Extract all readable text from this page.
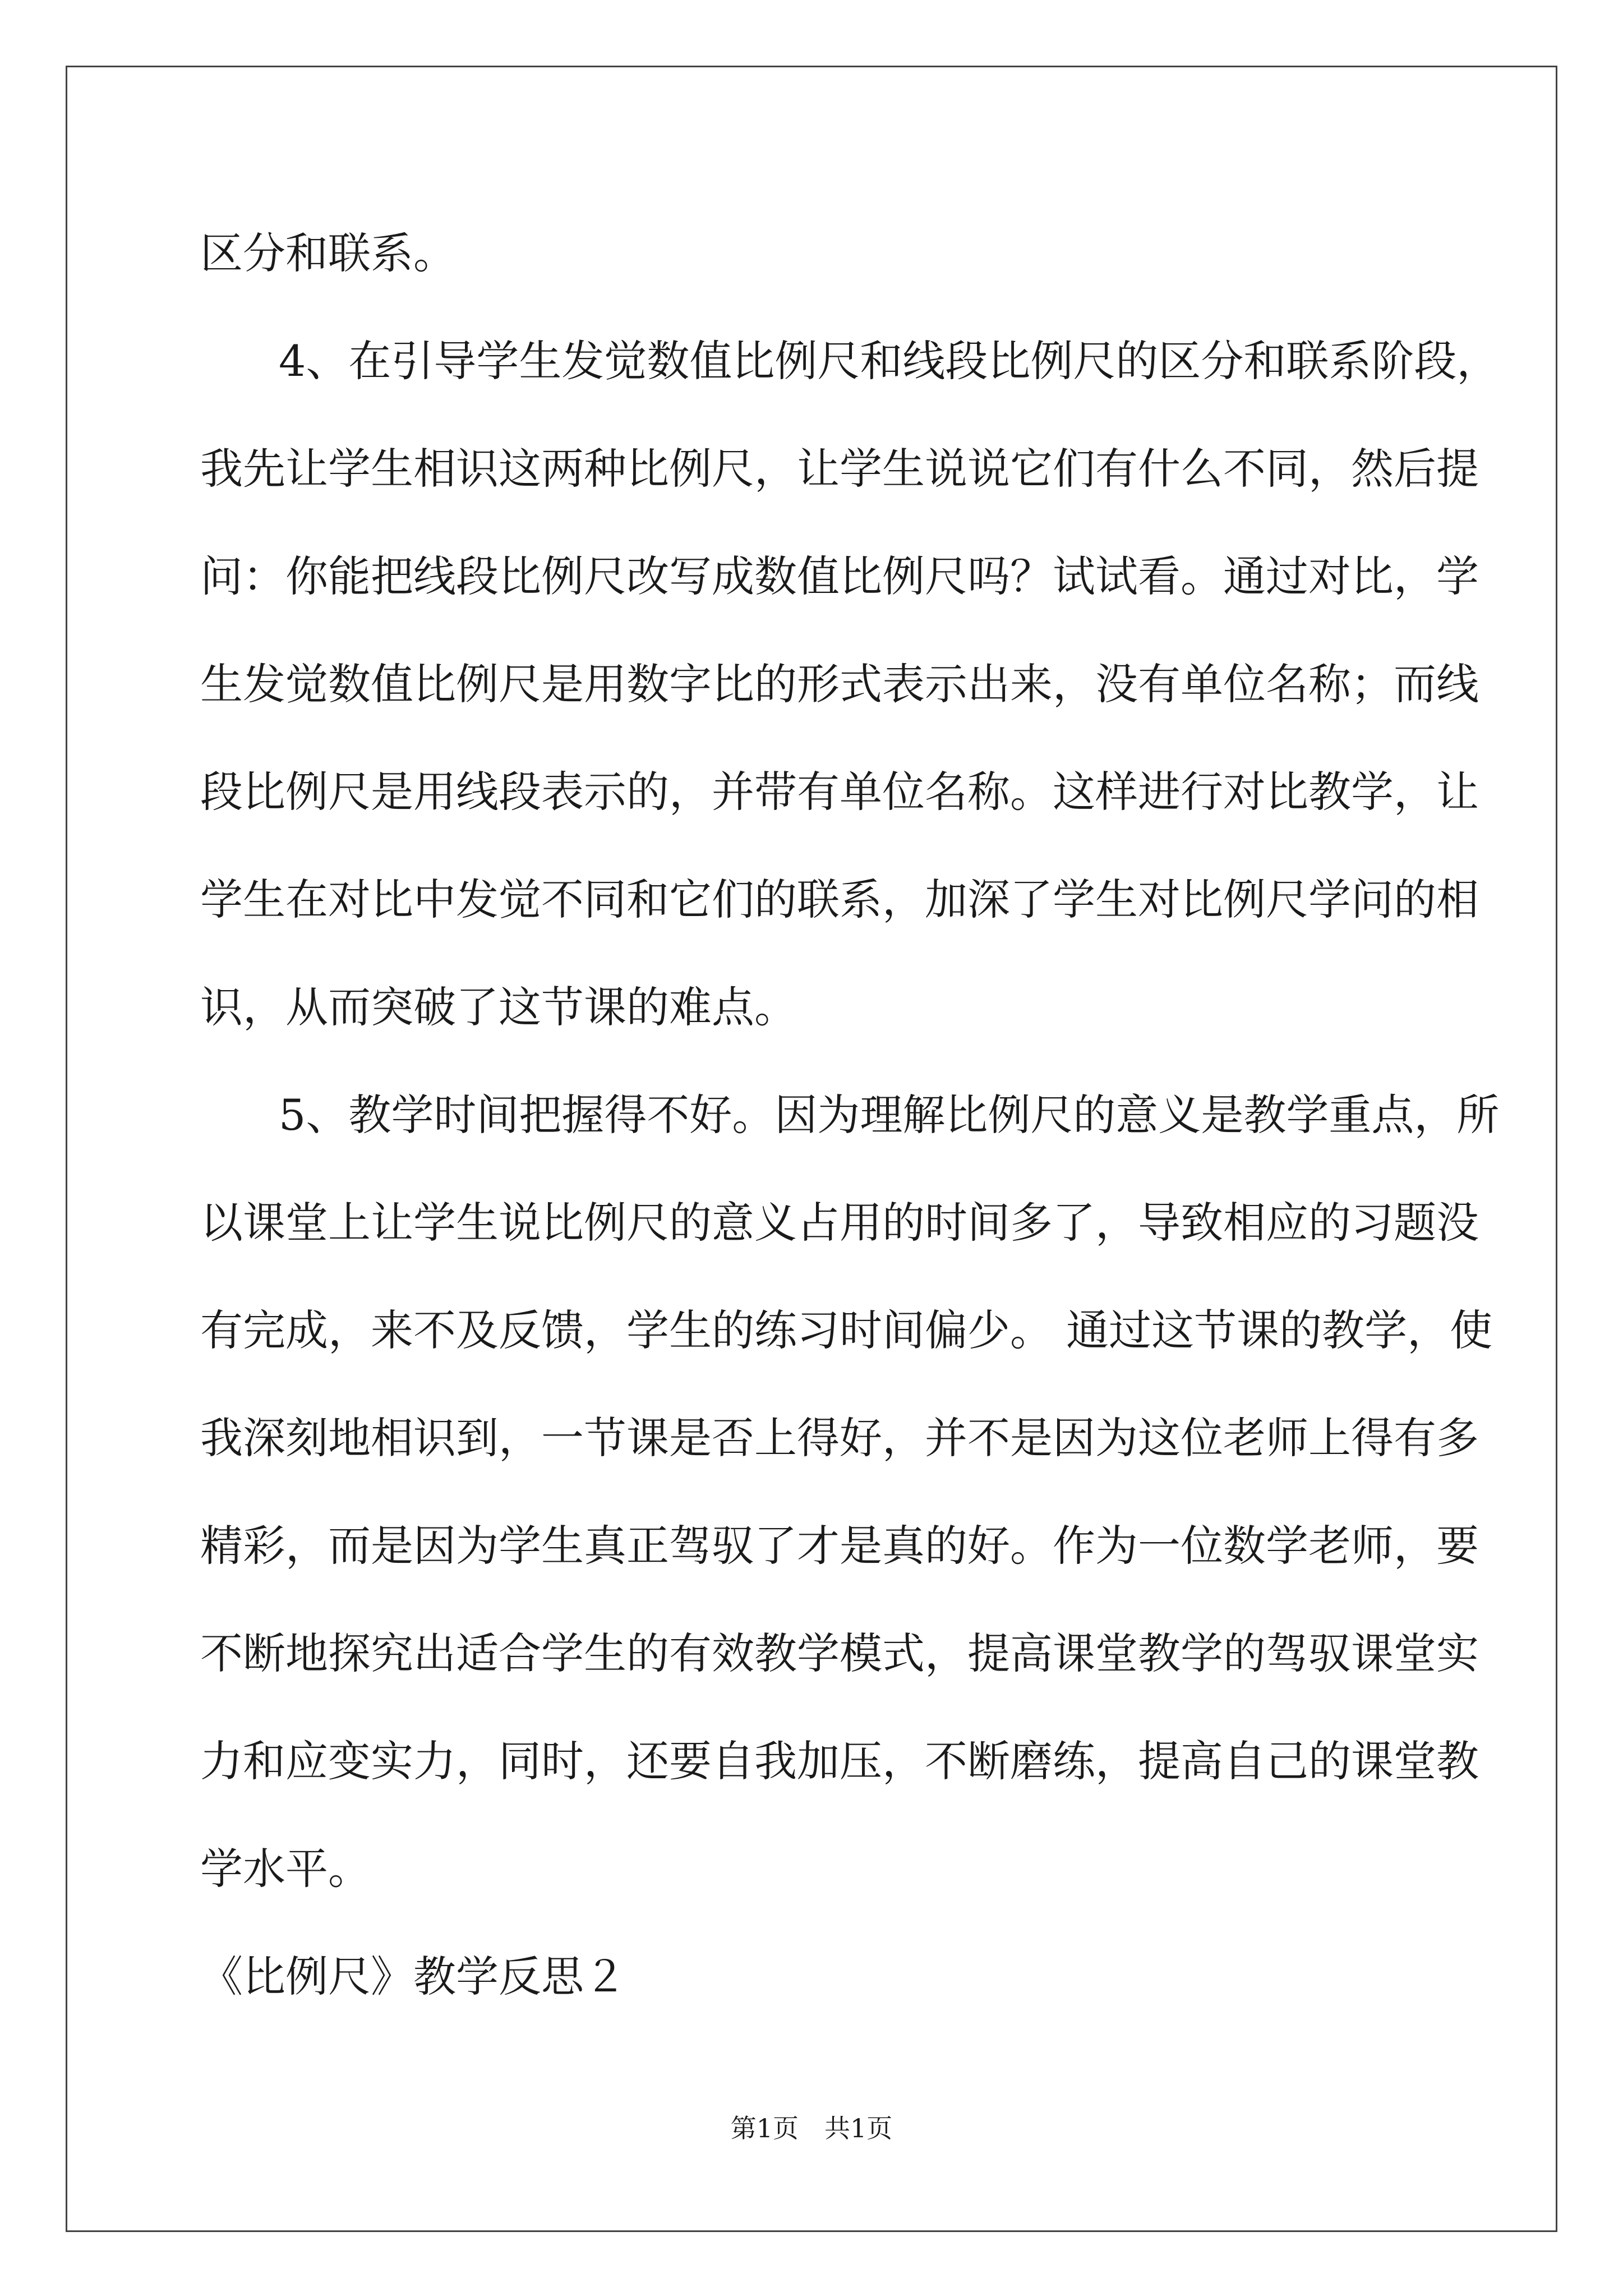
区分和联系。
4、在引导学生发觉数值比例尺和线段比例尺的区分和联系阶段，
我先让学生相识这两种比例尺，让学生说说它们有什么不同，然后提
问：你能把线段比例尺改写成数值比例尺吗？试试看。通过对比，学
生发觉数值比例尺是用数字比的形式表示出来，没有单位名称；而线
段比例尺是用线段表示的，并带有单位名称。这样进行对比教学，让
学生在对比中发觉不同和它们的联系，加深了学生对比例尺学问的相
识，从而突破了这节课的难点。
5、教学时间把握得不好。因为理解比例尺的意义是教学重点，所
以课堂上让学生说比例尺的意义占用的时间多了，导致相应的习题没
有完成，来不及反馈，学生的练习时间偏少。 通过这节课的教学，使
我深刻地相识到，一节课是否上得好，并不是因为这位老师上得有多
精彩，而是因为学生真正驾驭了才是真的好。作为一位数学老师，要
不断地探究出适合学生的有效教学模式，提高课堂教学的驾驭课堂实
力和应变实力，同时，还要自我加压，不断磨练，提高自己的课堂教
学水平。
《比例尺》教学反思２
第1页　共1页
